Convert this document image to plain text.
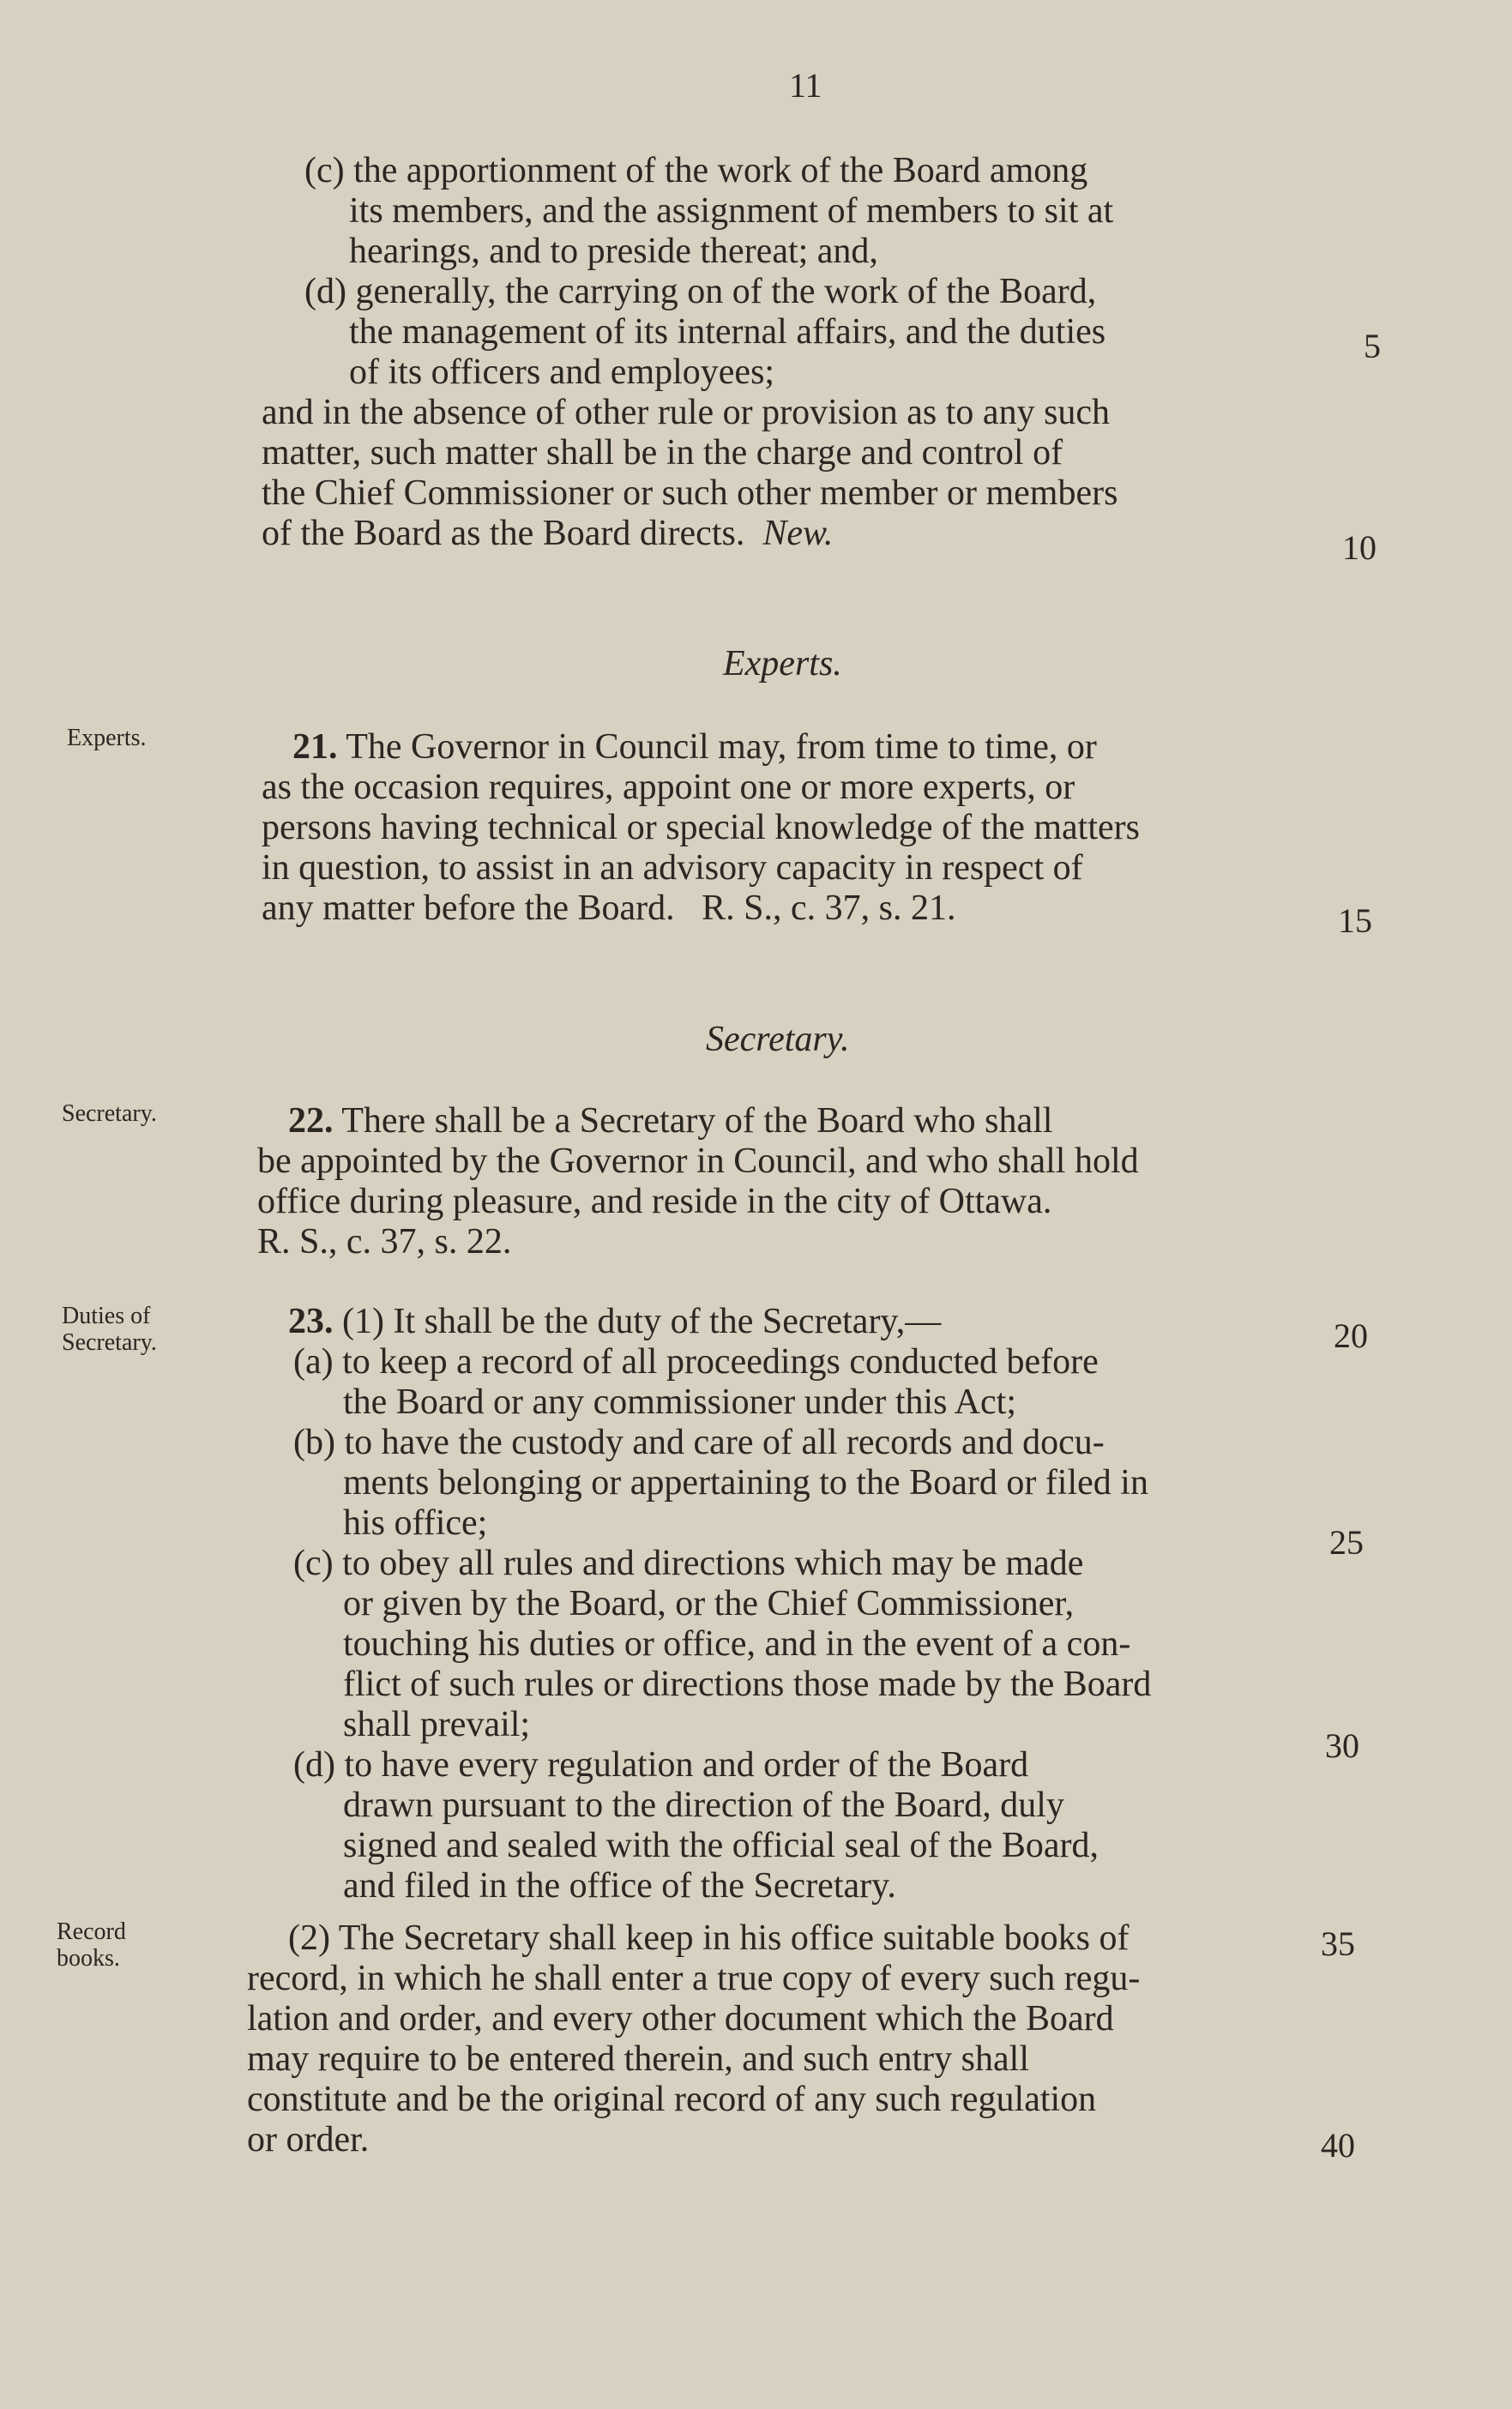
11
(c) the apportionment of the work of the Board among
its members, and the assignment of members to sit at
hearings, and to preside thereat; and,
(d) generally, the carrying on of the work of the Board,
the management of its internal affairs, and the duties
of its officers and employees;
and in the absence of other rule or provision as to any such
matter, such matter shall be in the charge and control of
the Chief Commissioner or such other member or members
of the Board as the Board directs. New.
Experts.
Experts.	21. The Governor in Council may, from time to time, or
as the occasion requires, appoint one or more experts, or
persons having technical or special knowledge of the matters
in question, to assist in an advisory capacity in respect of
any matter before the Board. R. S., c. 37, s. 21.
Secretary.
Secretary.	22. There shall be a Secretary of the Board who shall
be appointed by the Governor in Council, and who shall hold
office during pleasure, and reside in the city of Ottawa.
R. S., c. 37, s. 22.
Duties of
Secretary.
23. (1) It shall be the duty of the Secretary,—
(a) to keep a record of all proceedings conducted before
the Board or any commissioner under this Act;
(b) to have the custody and care of all records and docu-
ments belonging or appertaining to the Board or filed in
his office;
(c) to obey all rules and directions which may be made
or given by the Board, or the Chief Commissioner,
touching his duties or office, and in the event of a con-
flict of such rules or directions those made by the Board
shall prevail;
(d) to have every regulation and order of the Board
drawn pursuant to the direction of the Board, duly
signed and sealed with the official seal of the Board,
and filed in the office of the Secretary.
Record
books.
(2) The Secretary shall keep in his office suitable books of
record, in which he shall enter a true copy of every such regu-
lation and order, and every other document which the Board
may require to be entered therein, and such entry shall
constitute and be the original record of any such regulation
or order.
5
10
15
20
25
30
35
40
